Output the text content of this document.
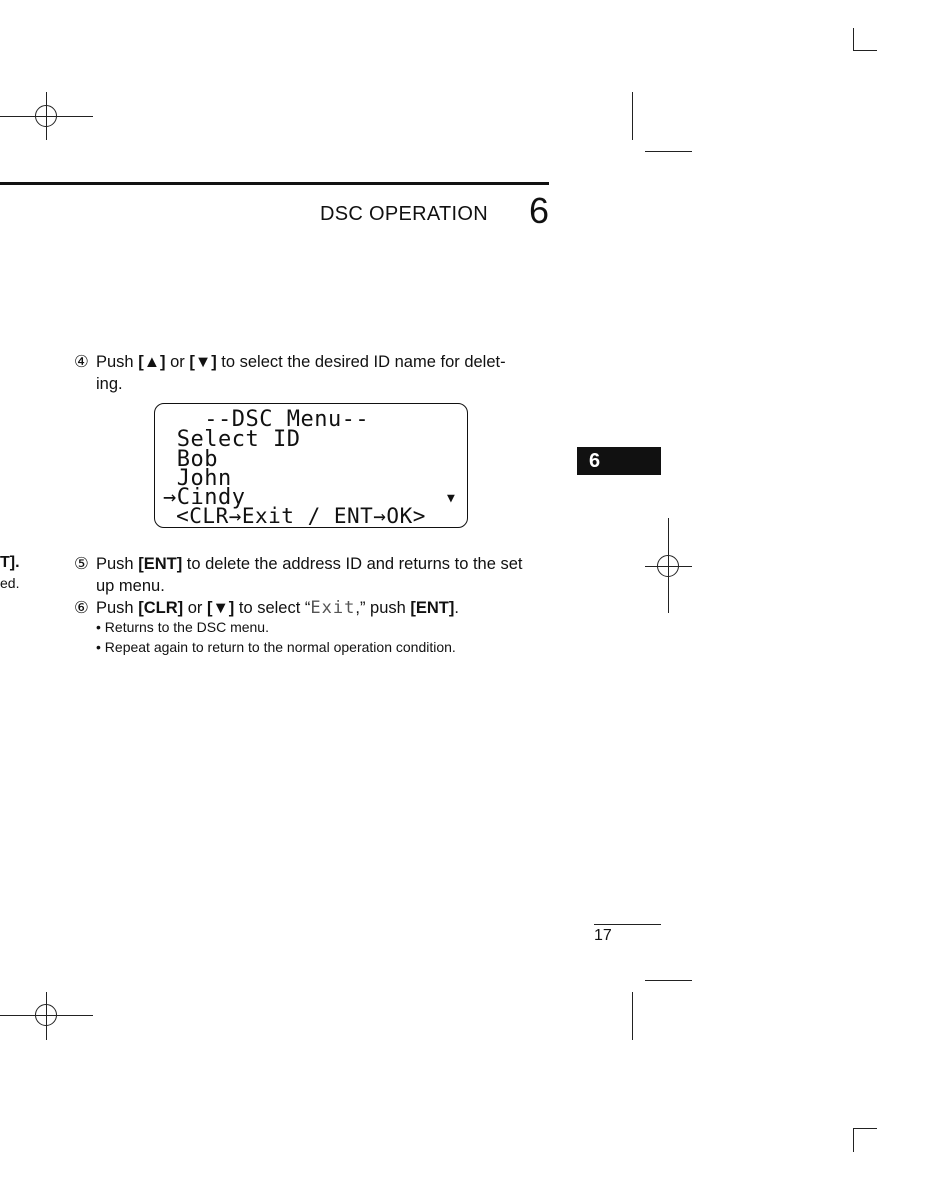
DSC OPERATION 6
④ Push [▲] or [▼] to select the desired ID name for delet-
ing.
--DSC Menu--
Select ID
Bob
John
→Cindy
<CLR→Exit / ENT→OK>
▼
6
T].
ed.
⑤ Push [ENT] to delete the address ID and returns to the set
up menu.
⑥ Push [CLR] or [▼] to select “Exit,” push [ENT].
• Returns to the DSC menu.
• Repeat again to return to the normal operation condition.
17
